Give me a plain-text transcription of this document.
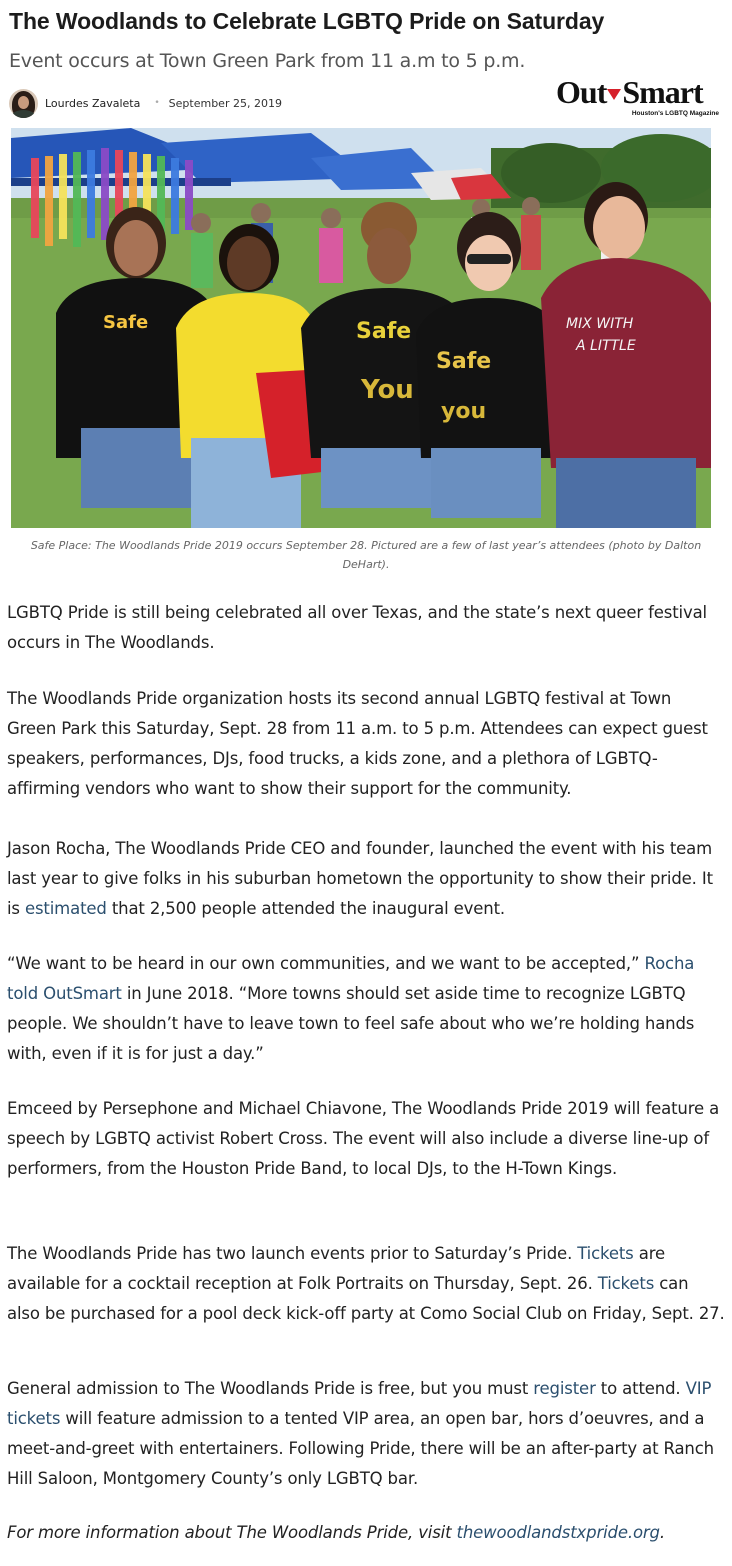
The Woodlands to Celebrate LGBTQ Pride on Saturday
Event occurs at Town Green Park from 11 a.m to 5 p.m.
Lourdes Zavaleta • September 25, 2019	Out Smart
Houston's LGBTQ Magazine
Safe	Safe
You
Safe
you
MIX WITH
A LITTLE
Safe Place: The Woodlands Pride 2019 occurs September 28. Pictured are a few of last year’s attendees (photo by Dalton DeHart).

LGBTQ Pride is still being celebrated all over Texas, and the state’s next queer festival occurs in The Woodlands.

The Woodlands Pride organization hosts its second annual LGBTQ festival at Town Green Park this Saturday, Sept. 28 from 11 a.m. to 5 p.m. Attendees can expect guest speakers, performances, DJs, food trucks, a kids zone, and a plethora of LGBTQ-affirming vendors who want to show their support for the community.

Jason Rocha, The Woodlands Pride CEO and founder, launched the event with his team last year to give folks in his suburban hometown the opportunity to show their pride. It is estimated that 2,500 people attended the inaugural event.

“We want to be heard in our own communities, and we want to be accepted,” Rocha told OutSmart in June 2018. “More towns should set aside time to recognize LGBTQ people. We shouldn’t have to leave town to feel safe about who we’re holding hands with, even if it is for just a day.”

Emceed by Persephone and Michael Chiavone, The Woodlands Pride 2019 will feature a speech by LGBTQ activist Robert Cross. The event will also include a diverse line-up of performers, from the Houston Pride Band, to local DJs, to the H-Town Kings.

The Woodlands Pride has two launch events prior to Saturday’s Pride. Tickets are available for a cocktail reception at Folk Portraits on Thursday, Sept. 26. Tickets can also be purchased for a pool deck kick-off party at Como Social Club on Friday, Sept. 27.

General admission to The Woodlands Pride is free, but you must register to attend. VIP tickets will feature admission to a tented VIP area, an open bar, hors d’oeuvres, and a meet-and-greet with entertainers. Following Pride, there will be an after-party at Ranch Hill Saloon, Montgomery County’s only LGBTQ bar.

For more information about The Woodlands Pride, visit thewoodlandstxpride.org.
